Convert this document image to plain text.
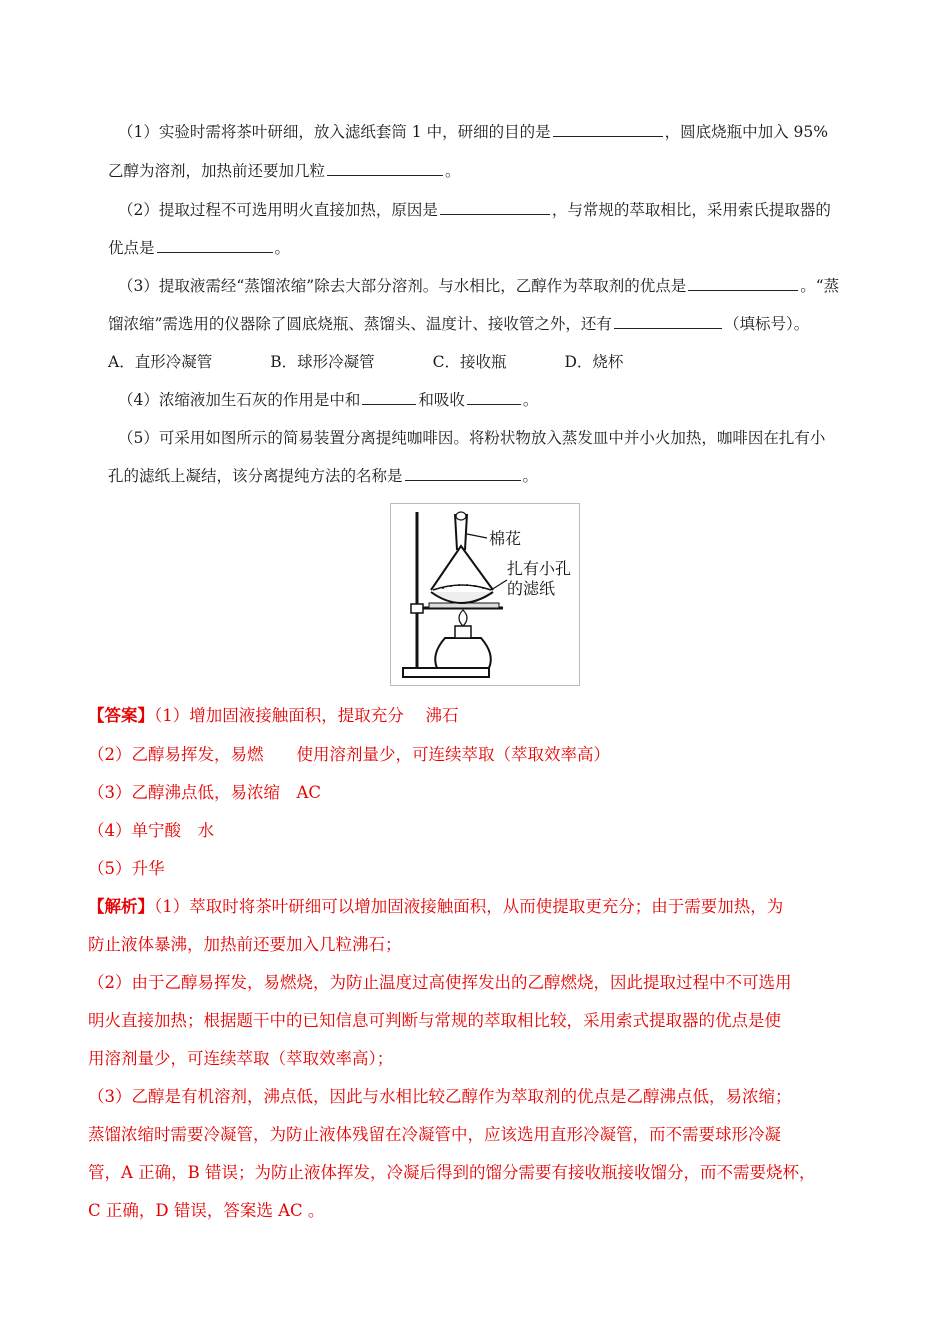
（1）实验时需将茶叶研细，放入滤纸套筒 1 中，研细的目的是	，圆底烧瓶中加入 95%
乙醇为溶剂，加热前还要加几粒	。
（2）提取过程不可选用明火直接加热，原因是	，与常规的萃取相比，采用索氏提取器的
优点是	。
（3）提取液需经“蒸馏浓缩”除去大部分溶剂。与水相比，乙醇作为萃取剂的优点是	。“蒸
馏浓缩”需选用的仪器除了圆底烧瓶、蒸馏头、温度计、接收管之外，还有	（填标号）。
A．直形冷凝管	B．球形冷凝管	C．接收瓶	D．烧杯
（4）浓缩液加生石灰的作用是中和	和吸收	。
（5）可采用如图所示的简易装置分离提纯咖啡因。将粉状物放入蒸发皿中并小火加热，咖啡因在扎有小
孔的滤纸上凝结，该分离提纯方法的名称是	。
棉花
扎有小孔
的滤纸
【答案】（1）增加固液接触面积，提取充分　 沸石
（2）乙醇易挥发，易燃　　使用溶剂量少，可连续萃取（萃取效率高）
（3）乙醇沸点低，易浓缩　AC
（4）单宁酸　水
（5）升华
【解析】（1）萃取时将茶叶研细可以增加固液接触面积，从而使提取更充分；由于需要加热，为
防止液体暴沸，加热前还要加入几粒沸石；
（2）由于乙醇易挥发，易燃烧，为防止温度过高使挥发出的乙醇燃烧，因此提取过程中不可选用
明火直接加热；根据题干中的已知信息可判断与常规的萃取相比较，采用索式提取器的优点是使
用溶剂量少，可连续萃取（萃取效率高）；
（3）乙醇是有机溶剂，沸点低，因此与水相比较乙醇作为萃取剂的优点是乙醇沸点低，易浓缩；
蒸馏浓缩时需要冷凝管，为防止液体残留在冷凝管中，应该选用直形冷凝管，而不需要球形冷凝
管，A 正确，B 错误；为防止液体挥发，冷凝后得到的馏分需要有接收瓶接收馏分，而不需要烧杯，
C 正确，D 错误，答案选 AC 。
